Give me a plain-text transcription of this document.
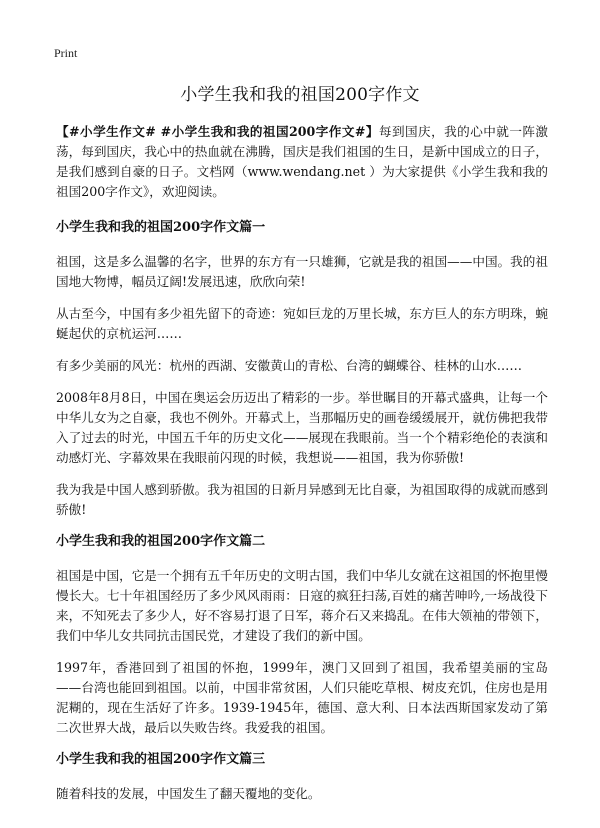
Print
小学生我和我的祖国200字作文

【#小学生作文# #小学生我和我的祖国200字作文#】每到国庆，我的心中就一阵激荡，每到国庆，我心中的热血就在沸腾，国庆是我们祖国的生日，是新中国成立的日子，是我们感到自豪的日子。文档网（www.wendang.net ）为大家提供《小学生我和我的祖国200字作文》，欢迎阅读。

小学生我和我的祖国200字作文篇一

祖国，这是多么温馨的名字，世界的东方有一只雄狮，它就是我的祖国——中国。我的祖国地大物博，幅员辽阔!发展迅速，欣欣向荣!

从古至今，中国有多少祖先留下的奇迹：宛如巨龙的万里长城，东方巨人的东方明珠，蜿蜒起伏的京杭运河……

有多少美丽的风光：杭州的西湖、安徽黄山的青松、台湾的蝴蝶谷、桂林的山水……

2008年8月8日，中国在奥运会历迈出了精彩的一步。举世瞩目的开幕式盛典，让每一个中华儿女为之自豪，我也不例外。开幕式上，当那幅历史的画卷缓缓展开，就仿佛把我带入了过去的时光，中国五千年的历史文化——展现在我眼前。当一个个精彩绝伦的表演和动感灯光、字幕效果在我眼前闪现的时候，我想说——祖国，我为你骄傲!

我为我是中国人感到骄傲。我为祖国的日新月异感到无比自豪，为祖国取得的成就而感到骄傲!

小学生我和我的祖国200字作文篇二

祖国是中国，它是一个拥有五千年历史的文明古国，我们中华儿女就在这祖国的怀抱里慢慢长大。七十年祖国经历了多少风风雨雨：日寇的疯狂扫荡,百姓的痛苦呻吟,一场战役下来，不知死去了多少人，好不容易打退了日军，蒋介石又来捣乱。在伟大领袖的带领下，我们中华儿女共同抗击国民党，才建设了我们的新中国。

1997年，香港回到了祖国的怀抱，1999年，澳门又回到了祖国，我希望美丽的宝岛——台湾也能回到祖国。以前，中国非常贫困，人们只能吃草根、树皮充饥，住房也是用泥糊的，现在生活好了许多。1939-1945年，德国、意大利、日本法西斯国家发动了第二次世界大战，最后以失败告终。我爱我的祖国。

小学生我和我的祖国200字作文篇三

随着科技的发展，中国发生了翻天覆地的变化。
